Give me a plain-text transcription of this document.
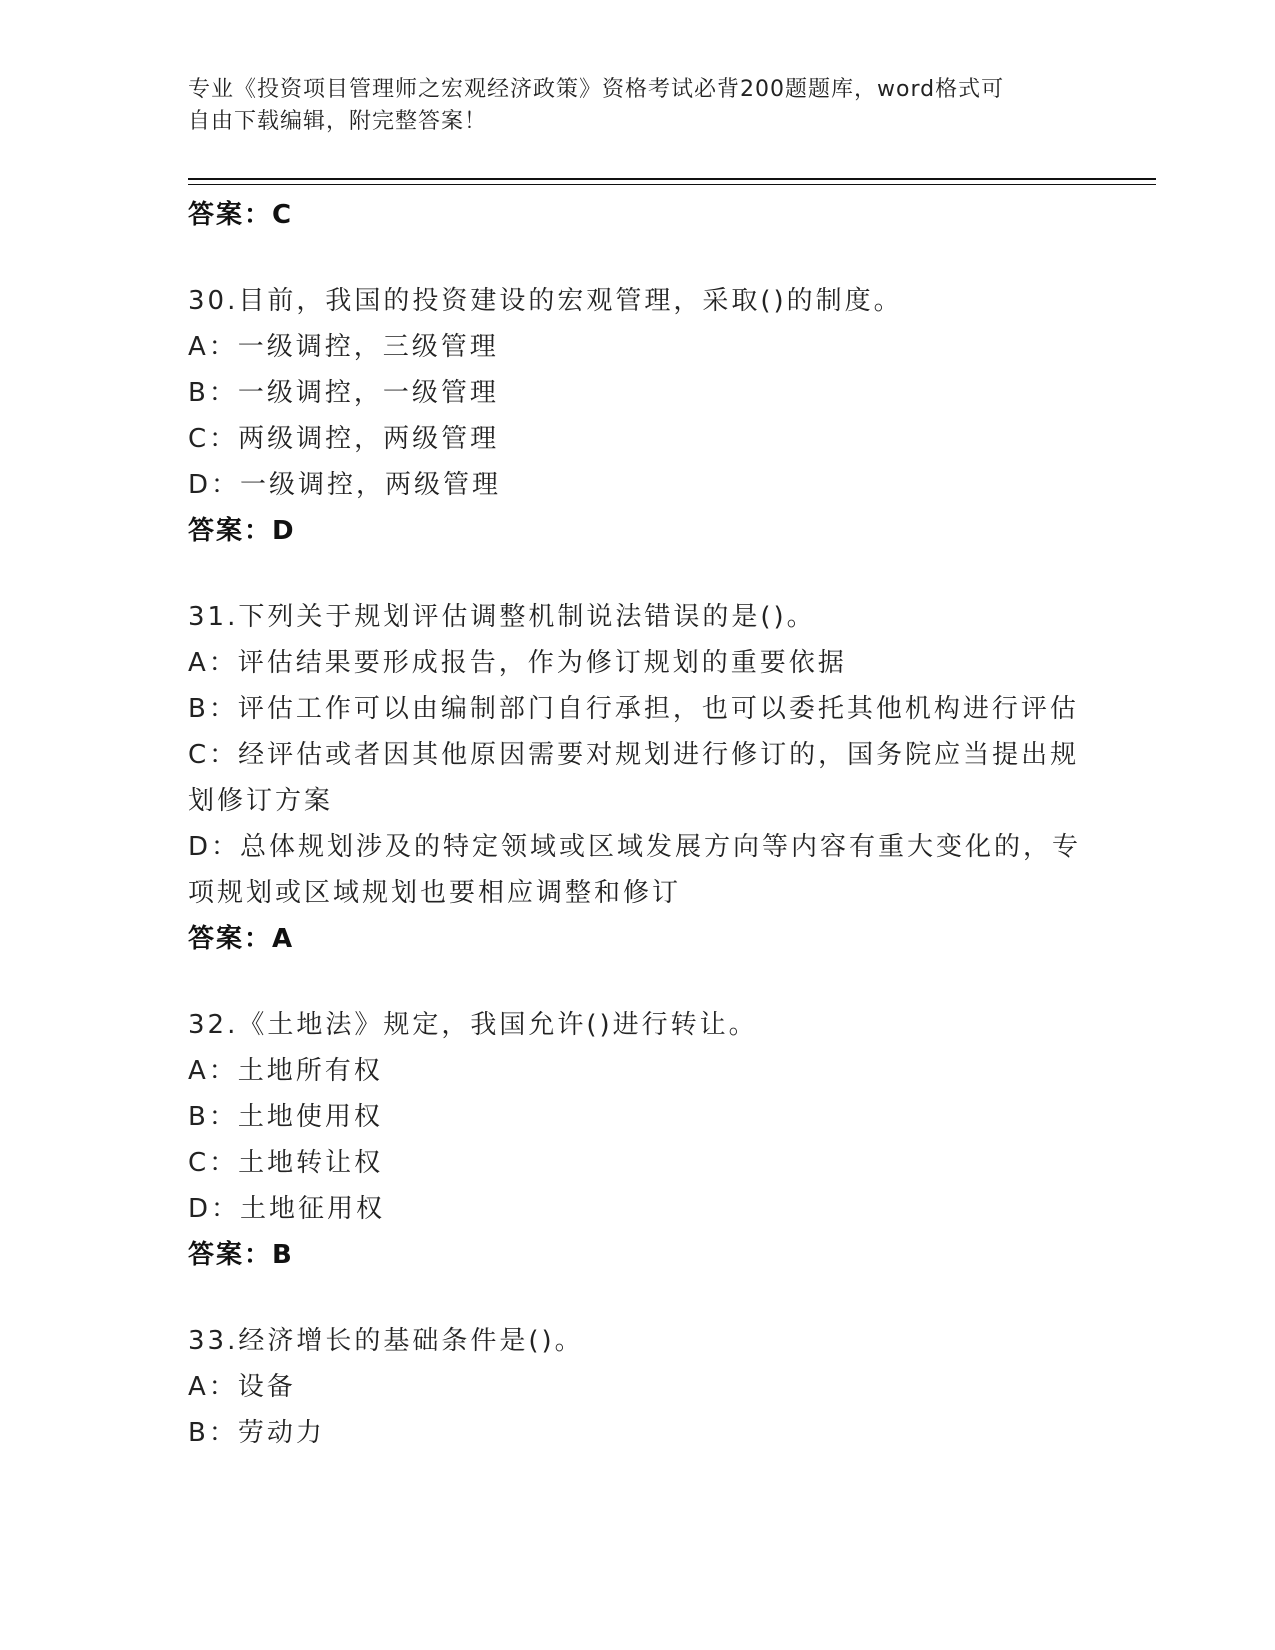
专业《投资项目管理师之宏观经济政策》资格考试必背200题题库，word格式可
自由下载编辑，附完整答案！
答案：C
30.目前，我国的投资建设的宏观管理，采取()的制度。
A：一级调控，三级管理
B：一级调控，一级管理
C：两级调控，两级管理
D：一级调控，两级管理
答案：D
31.下列关于规划评估调整机制说法错误的是()。
A：评估结果要形成报告，作为修订规划的重要依据
B：评估工作可以由编制部门自行承担，也可以委托其他机构进行评估
C：经评估或者因其他原因需要对规划进行修订的，国务院应当提出规划修订方案
D：总体规划涉及的特定领域或区域发展方向等内容有重大变化的，专项规划或区域规划也要相应调整和修订
答案：A
32.《土地法》规定，我国允许()进行转让。
A：土地所有权
B：土地使用权
C：土地转让权
D：土地征用权
答案：B
33.经济增长的基础条件是()。
A：设备
B：劳动力
